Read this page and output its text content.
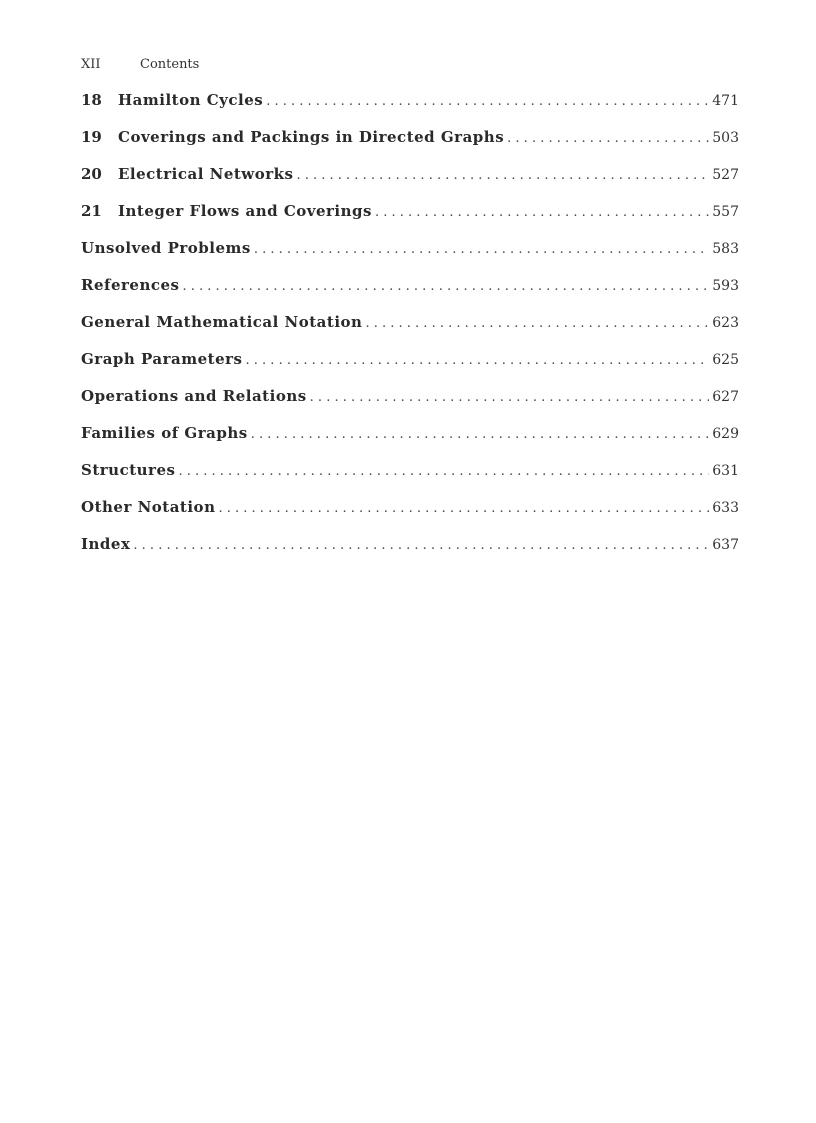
XII	Contents
18	Hamilton Cycles . . .	471
19	Coverings and Packings in Directed Graphs . . .	503
20	Electrical Networks . . .	527
21	Integer Flows and Coverings . . .	557
Unsolved Problems . . .	583
References . . .	593
General Mathematical Notation . . .	623
Graph Parameters . . .	625
Operations and Relations . . .	627
Families of Graphs . . .	629
Structures . . .	631
Other Notation . . .	633
Index . . .	637
